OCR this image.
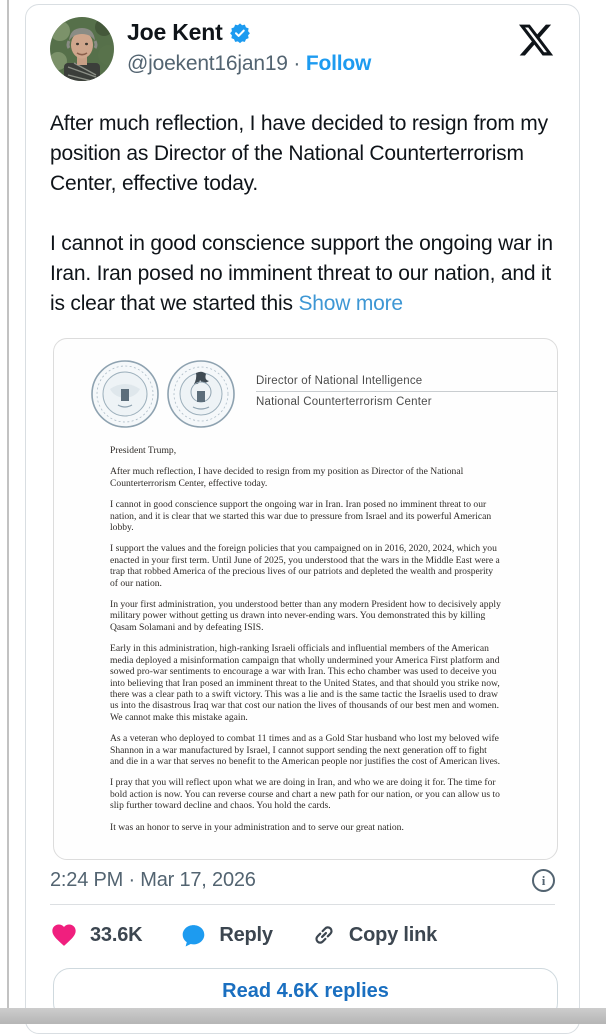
Joe Kent
@joekent16jan19 · Follow

After much reflection, I have decided to resign from my position as Director of the National Counterterrorism Center, effective today.

I cannot in good conscience support the ongoing war in Iran. Iran posed no imminent threat to our nation, and it is clear that we started this Show more

Director of National Intelligence
National Counterterrorism Center

President Trump,

After much reflection, I have decided to resign from my position as Director of the National Counterterrorism Center, effective today.

I cannot in good conscience support the ongoing war in Iran. Iran posed no imminent threat to our nation, and it is clear that we started this war due to pressure from Israel and its powerful American lobby.

I support the values and the foreign policies that you campaigned on in 2016, 2020, 2024, which you enacted in your first term. Until June of 2025, you understood that the wars in the Middle East were a trap that robbed America of the precious lives of our patriots and depleted the wealth and prosperity of our nation.

In your first administration, you understood better than any modern President how to decisively apply military power without getting us drawn into never-ending wars. You demonstrated this by killing Qasam Solamani and by defeating ISIS.

Early in this administration, high-ranking Israeli officials and influential members of the American media deployed a misinformation campaign that wholly undermined your America First platform and sowed pro-war sentiments to encourage a war with Iran. This echo chamber was used to deceive you into believing that Iran posed an imminent threat to the United States, and that should you strike now, there was a clear path to a swift victory. This was a lie and is the same tactic the Israelis used to draw us into the disastrous Iraq war that cost our nation the lives of thousands of our best men and women. We cannot make this mistake again.

As a veteran who deployed to combat 11 times and as a Gold Star husband who lost my beloved wife Shannon in a war manufactured by Israel, I cannot support sending the next generation off to fight and die in a war that serves no benefit to the American people nor justifies the cost of American lives.

I pray that you will reflect upon what we are doing in Iran, and who we are doing it for. The time for bold action is now. You can reverse course and chart a new path for our nation, or you can allow us to slip further toward decline and chaos. You hold the cards.

It was an honor to serve in your administration and to serve our great nation.

2:24 PM · Mar 17, 2026	i
33.6K	Reply	Copy link
Read 4.6K replies
